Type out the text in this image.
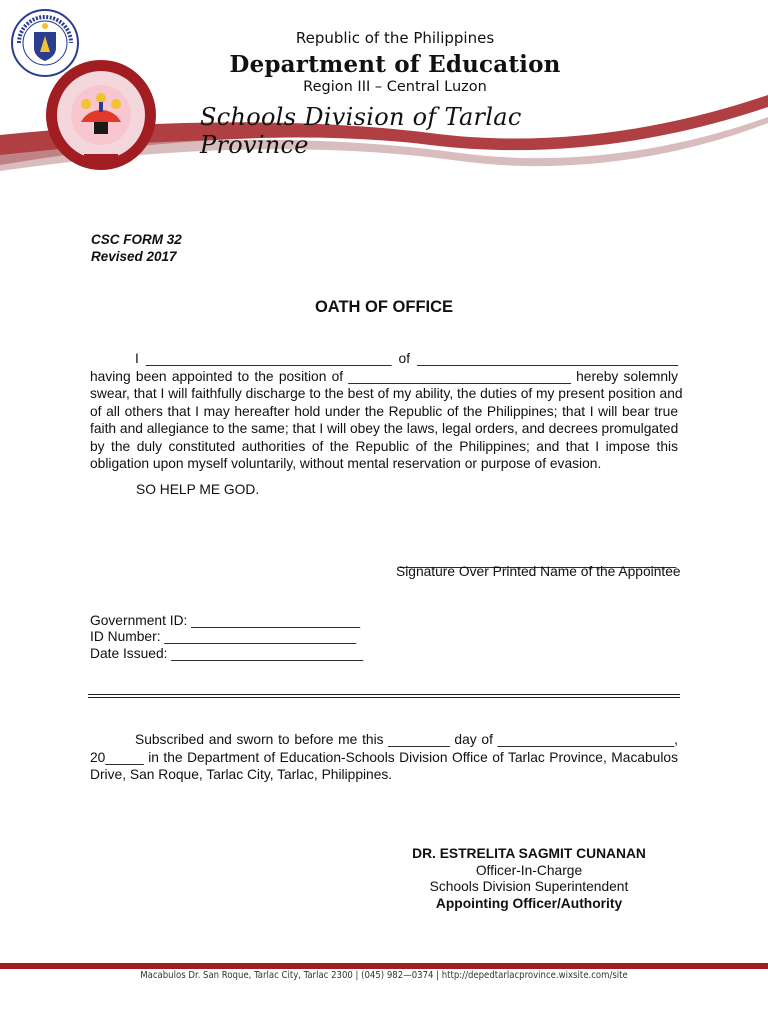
Republic of the Philippines
Department of Education
Region III – Central Luzon
Schools Division of Tarlac Province
CSC FORM 32
Revised 2017
OATH OF OFFICE
I ________________________________ of __________________________________
having been appointed to the position of _____________________________ hereby solemnly
swear, that I will faithfully discharge to the best of my ability, the duties of my present position and
of all others that I may hereafter hold under the Republic of the Philippines; that I will bear true
faith and allegiance to the same; that I will obey the laws, legal orders, and decrees promulgated
by the duly constituted authorities of the Republic of the Philippines; and that I impose this
obligation upon myself voluntarily, without mental reservation or purpose of evasion.
SO HELP ME GOD.
____________________________________
Signature Over Printed Name of the Appointee
Government ID: ______________________
ID Number: _________________________
Date Issued: _________________________
Subscribed and sworn to before me this ________ day of _______________________,
20_____ in the Department of Education-Schools Division Office of Tarlac Province, Macabulos
Drive, San Roque, Tarlac City, Tarlac, Philippines.
DR. ESTRELITA SAGMIT CUNANAN
Officer-In-Charge
Schools Division Superintendent
Appointing Officer/Authority
Macabulos Dr. San Roque, Tarlac City, Tarlac 2300 | (045) 982—0374 | http://depedtarlacprovince.wixsite.com/site
